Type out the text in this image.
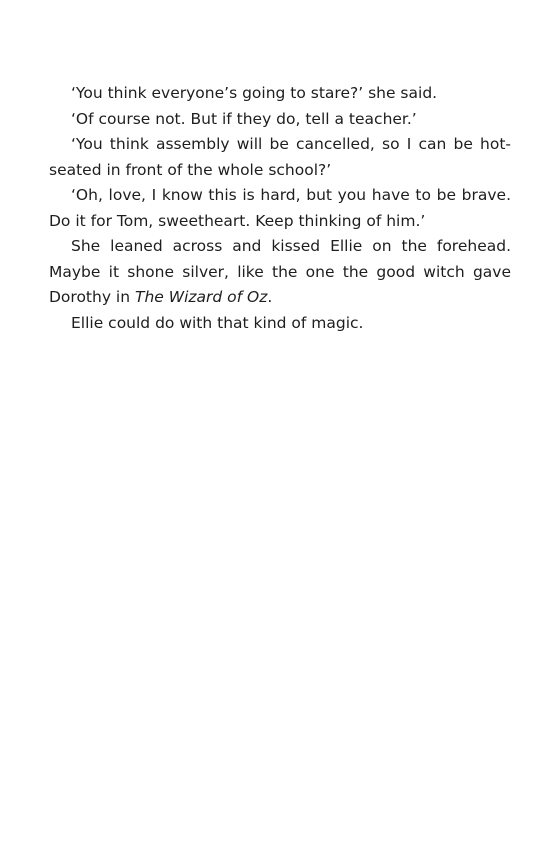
‘You think everyone’s going to stare?’ she said.

‘Of course not. But if they do, tell a teacher.’

‘You think assembly will be cancelled, so I can be hot-seated in front of the whole school?’

‘Oh, love, I know this is hard, but you have to be brave. Do it for Tom, sweetheart. Keep thinking of him.’

She leaned across and kissed Ellie on the forehead. Maybe it shone silver, like the one the good witch gave Dorothy in The Wizard of Oz.

Ellie could do with that kind of magic.
